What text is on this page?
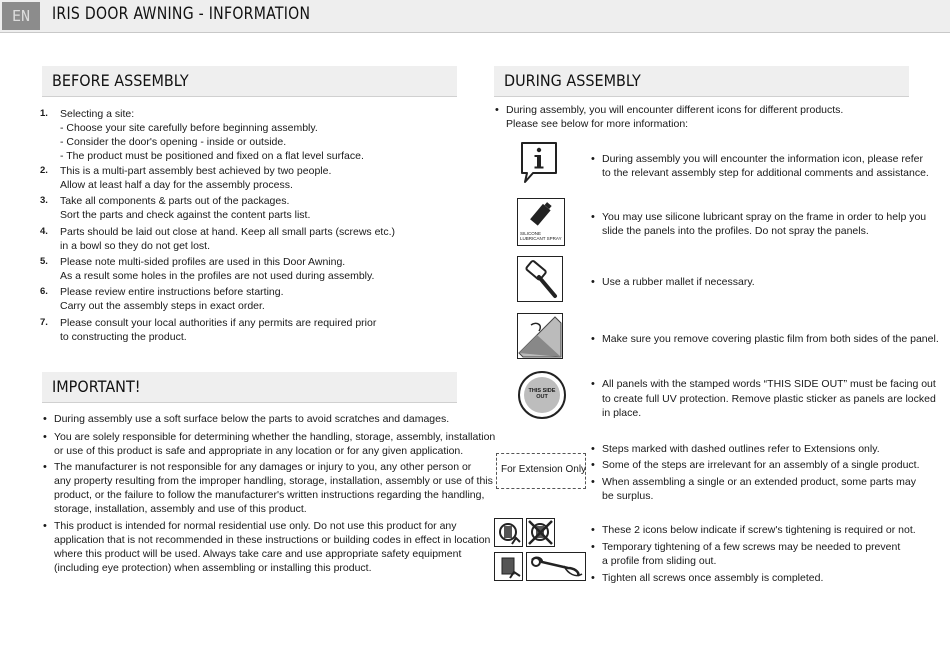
EN	IRIS DOOR AWNING - INFORMATION
BEFORE ASSEMBLY
1. Selecting a site:
- Choose your site carefully before beginning assembly.
- Consider the door's opening - inside or outside.
- The product must be positioned and fixed on a flat level surface.
2. This is a multi-part assembly best achieved by two people.
Allow at least half a day for the assembly process.
3. Take all components & parts out of the packages.
Sort the parts and check against the content parts list.
4. Parts should be laid out close at hand. Keep all small parts (screws etc.)
in a bowl so they do not get lost.
5. Please note multi-sided profiles are used in this Door Awning.
As a result some holes in the profiles are not used during assembly.
6. Please review entire instructions before starting.
Carry out the assembly steps in exact order.
7. Please consult your local authorities if any permits are required prior
to constructing the product.
IMPORTANT!
• During assembly use a soft surface below the parts to avoid scratches and damages.
• You are solely responsible for determining whether the handling, storage, assembly, installation
or use of this product is safe and appropriate in any location or for any given application.
• The manufacturer is not responsible for any damages or injury to you, any other person or
any property resulting from the improper handling, storage, installation, assembly or use of this
product, or the failure to follow the manufacturer's written instructions regarding the handling,
storage, installation, assembly and use of this product.
• This product is intended for normal residential use only. Do not use this product for any
application that is not recommended in these instructions or building codes in effect in location
where this product will be used. Always take care and use appropriate safety equipment
(including eye protection) when assembling or installing this product.
DURING ASSEMBLY
• During assembly, you will encounter different icons for different products.
Please see below for more information:
• During assembly you will encounter the information icon, please refer
to the relevant assembly step for additional comments and assistance.
SILICONE
LUBRICANT SPRAY
• You may use silicone lubricant spray on the frame in order to help you
slide the panels into the profiles. Do not spray the panels.
• Use a rubber mallet if necessary.
• Make sure you remove covering plastic film from both sides of the panel.
THIS SIDE
OUT
• All panels with the stamped words “THIS SIDE OUT” must be facing out
to create full UV protection. Remove plastic sticker as panels are locked
in place.
For Extension Only
• Steps marked with dashed outlines refer to Extensions only.
• Some of the steps are irrelevant for an assembly of a single product.
• When assembling a single or an extended product, some parts may
be surplus.
• These 2 icons below indicate if screw's tightening is required or not.
• Temporary tightening of a few screws may be needed to prevent
a profile from sliding out.
• Tighten all screws once assembly is completed.
